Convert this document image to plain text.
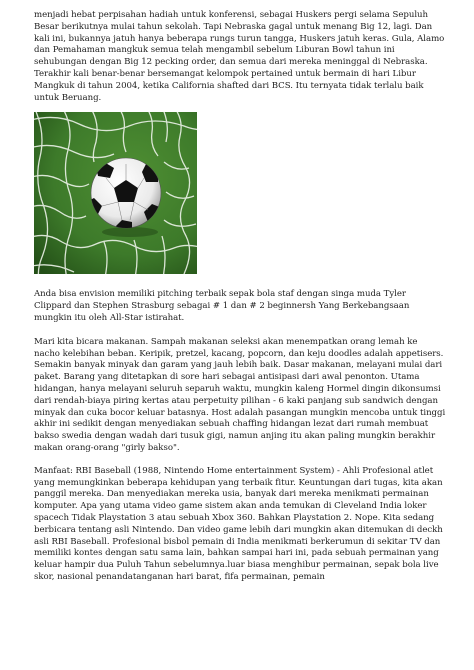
menjadi hebat perpisahan hadiah untuk konferensi, sebagai Huskers pergi selama Sepuluh Besar berikutnya mulai tahun sekolah. Tapi Nebraska gagal untuk menang Big 12, lagi. Dan kali ini, bukannya jatuh hanya beberapa rungs turun tangga, Huskers jatuh keras. Gula, Alamo dan Pemahaman mangkuk semua telah mengambil sebelum Liburan Bowl tahun ini sehubungan dengan Big 12 pecking order, dan semua dari mereka meninggal di Nebraska. Terakhir kali benar-benar bersemangat kelompok pertained untuk bermain di hari Libur Mangkuk di tahun 2004, ketika California shafted dari BCS. Itu ternyata tidak terlalu baik untuk Beruang.

Anda bisa envision memiliki pitching terbaik sepak bola staf dengan singa muda Tyler Clippard dan Stephen Strasburg sebagai # 1 dan # 2 beginnersh Yang Berkebangsaan mungkin itu oleh All-Star istirahat.

Mari kita bicara makanan. Sampah makanan seleksi akan menempatkan orang lemah ke nacho kelebihan beban. Keripik, pretzel, kacang, popcorn, dan keju doodles adalah appetisers. Semakin banyak minyak dan garam yang jauh lebih baik. Dasar makanan, melayani mulai dari paket. Barang yang ditetapkan di sore hari sebagai antisipasi dari awal penonton. Utama hidangan, hanya melayani seluruh separuh waktu, mungkin kaleng Hormel dingin dikonsumsi dari rendah-biaya piring kertas atau perpetuity pilihan - 6 kaki panjang sub sandwich dengan minyak dan cuka bocor keluar batasnya. Host adalah pasangan mungkin mencoba untuk tinggi akhir ini sedikit dengan menyediakan sebuah chaffing hidangan lezat dari rumah membuat bakso swedia dengan wadah dari tusuk gigi, namun anjing itu akan paling mungkin berakhir makan orang-orang "girly bakso".

Manfaat: RBI Baseball (1988, Nintendo Home entertainment System) - Ahli Profesional atlet yang memungkinkan beberapa kehidupan yang terbaik fitur. Keuntungan dari tugas, kita akan panggil mereka. Dan menyediakan mereka usia, banyak dari mereka menikmati permainan komputer. Apa yang utama video game sistem akan anda temukan di Cleveland India loker spacech Tidak Playstation 3 atau sebuah Xbox 360. Bahkan Playstation 2. Nope. Kita sedang berbicara tentang asli Nintendo. Dan video game lebih dari mungkin akan ditemukan di deckh asli RBI Baseball. Profesional bisbol pemain di India menikmati berkerumun di sekitar TV dan memiliki kontes dengan satu sama lain, bahkan sampai hari ini, pada sebuah permainan yang keluar hampir dua Puluh Tahun sebelumnya.luar biasa menghibur permainan, sepak bola live skor, nasional penandatanganan hari barat, fifa permainan, pemain
